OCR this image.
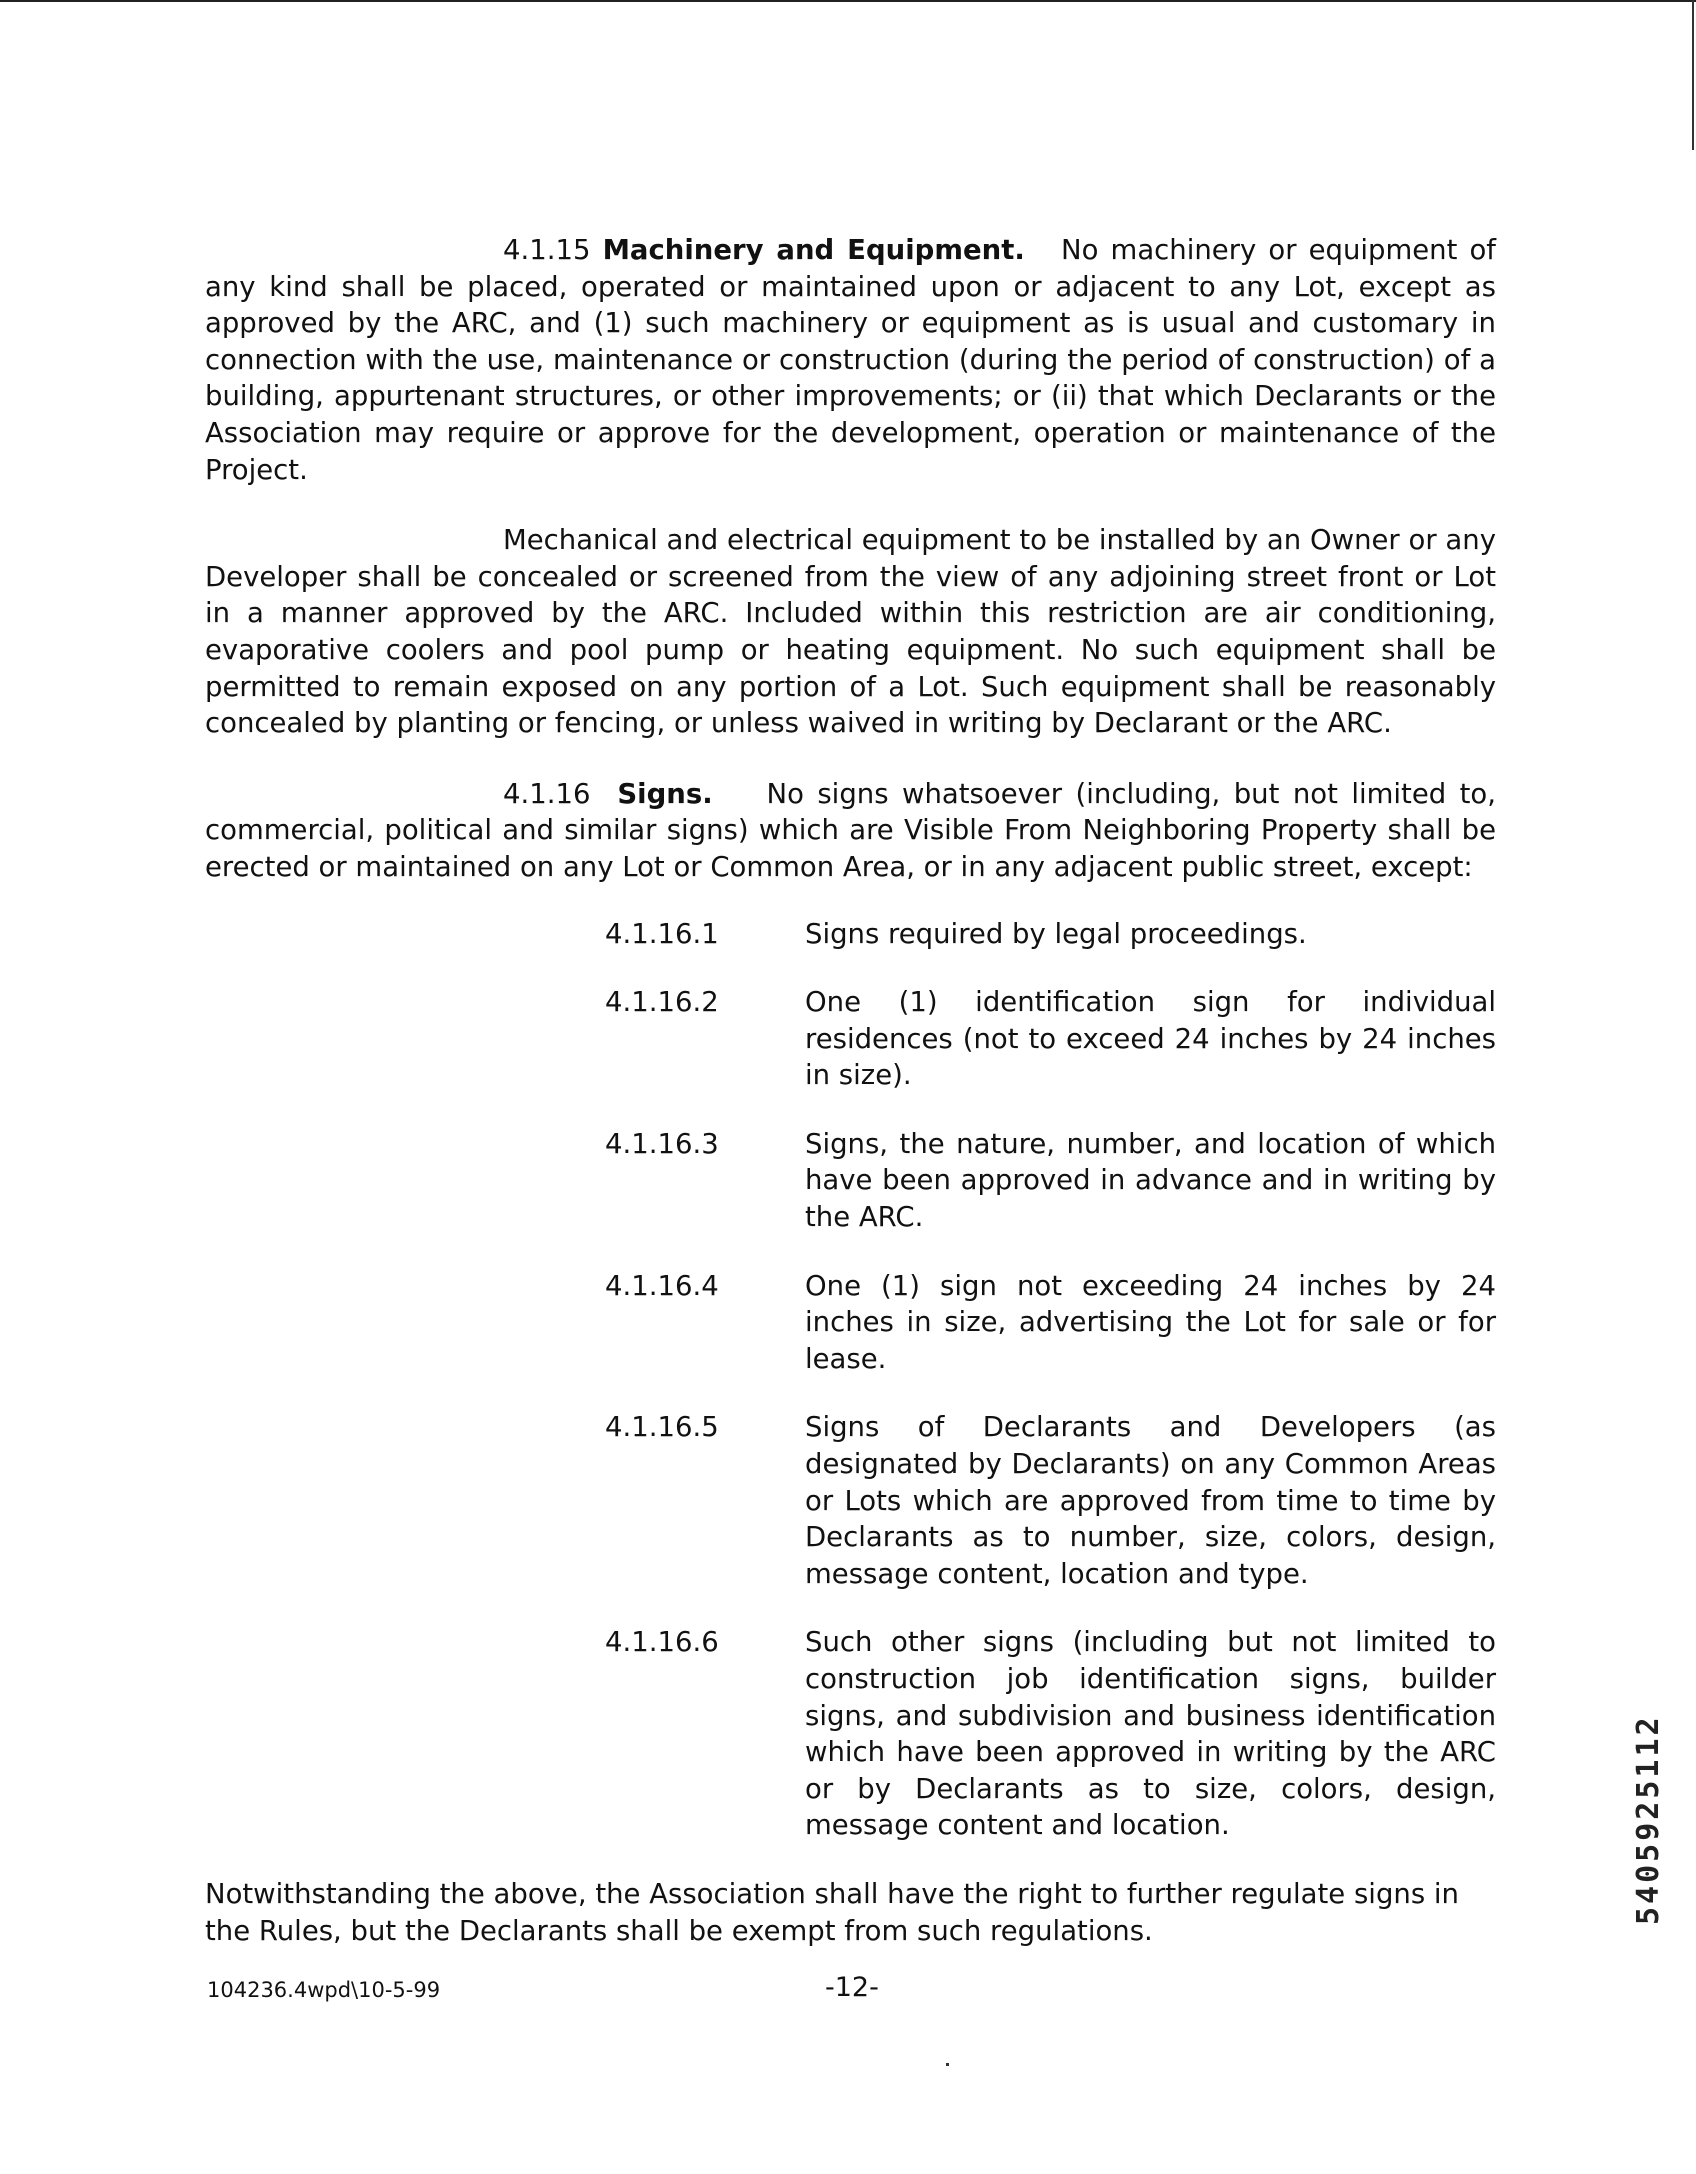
4.1.15 Machinery and Equipment. No machinery or equipment of any kind shall be placed, operated or maintained upon or adjacent to any Lot, except as approved by the ARC, and (1) such machinery or equipment as is usual and customary in connection with the use, maintenance or construction (during the period of construction) of a building, appurtenant structures, or other improvements; or (ii) that which Declarants or the Association may require or approve for the development, operation or maintenance of the Project.

Mechanical and electrical equipment to be installed by an Owner or any Developer shall be concealed or screened from the view of any adjoining street front or Lot in a manner approved by the ARC. Included within this restriction are air conditioning, evaporative coolers and pool pump or heating equipment. No such equipment shall be permitted to remain exposed on any portion of a Lot. Such equipment shall be reasonably concealed by planting or fencing, or unless waived in writing by Declarant or the ARC.

4.1.16 Signs. No signs whatsoever (including, but not limited to, commercial, political and similar signs) which are Visible From Neighboring Property shall be erected or maintained on any Lot or Common Area, or in any adjacent public street, except:

4.1.16.1	Signs required by legal proceedings.
4.1.16.2	One (1) identification sign for individual residences (not to exceed 24 inches by 24 inches in size).
4.1.16.3	Signs, the nature, number, and location of which have been approved in advance and in writing by the ARC.
4.1.16.4	One (1) sign not exceeding 24 inches by 24 inches in size, advertising the Lot for sale or for lease.
4.1.16.5	Signs of Declarants and Developers (as designated by Declarants) on any Common Areas or Lots which are approved from time to time by Declarants as to number, size, colors, design, message content, location and type.
4.1.16.6	Such other signs (including but not limited to construction job identification signs, builder signs, and subdivision and business identification which have been approved in writing by the ARC or by Declarants as to size, colors, design, message content and location.

Notwithstanding the above, the Association shall have the right to further regulate signs in the Rules, but the Declarants shall be exempt from such regulations.

104236.4wpd\10-5-99	-12-
5405925112
